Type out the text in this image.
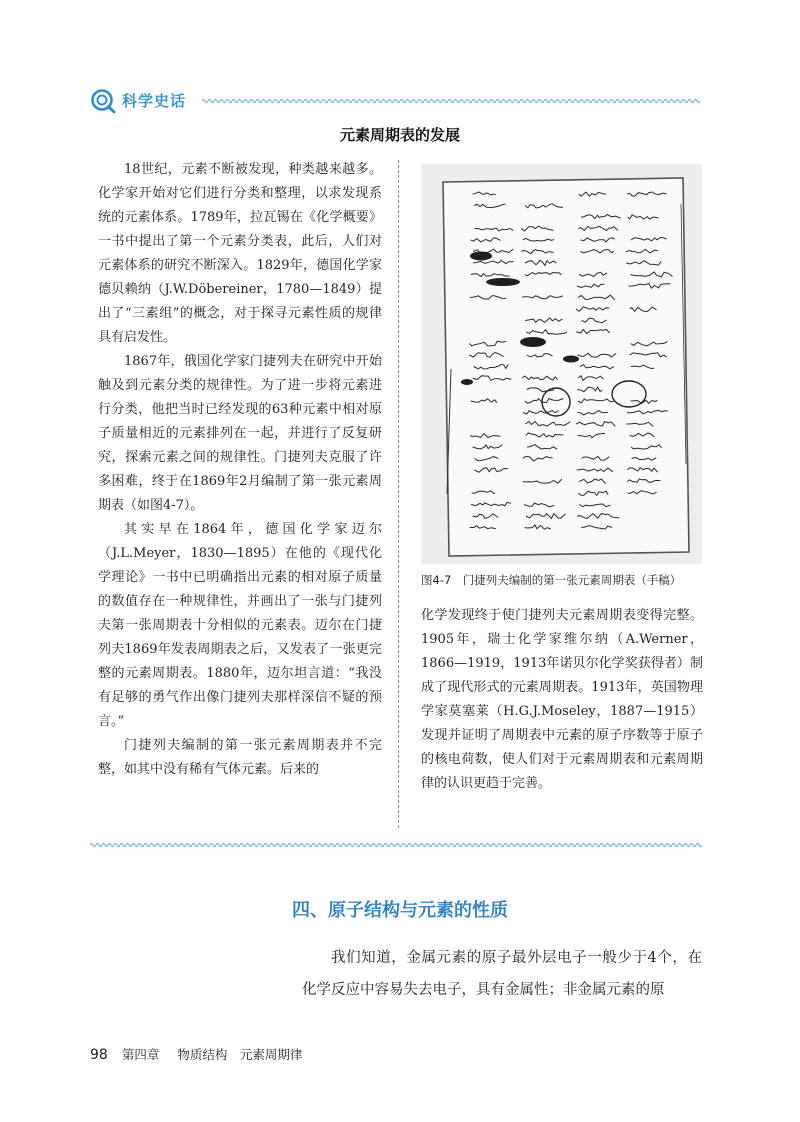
科学史话
元素周期表的发展

18世纪，元素不断被发现，种类越来越多。化学家开始对它们进行分类和整理，以求发现系统的元素体系。1789年，拉瓦锡在《化学概要》一书中提出了第一个元素分类表，此后，人们对元素体系的研究不断深入。1829年，德国化学家德贝赖纳（J.W.Döbereiner，1780—1849）提出了“三素组”的概念，对于探寻元素性质的规律具有启发性。

1867年，俄国化学家门捷列夫在研究中开始触及到元素分类的规律性。为了进一步将元素进行分类，他把当时已经发现的63种元素中相对原子质量相近的元素排列在一起，并进行了反复研究，探索元素之间的规律性。门捷列夫克服了许多困难，终于在1869年2月编制了第一张元素周期表（如图4-7）。

其实早在1864年，德国化学家迈尔（J.L.Meyer，1830—1895）在他的《现代化学理论》一书中已明确指出元素的相对原子质量的数值存在一种规律性，并画出了一张与门捷列夫第一张周期表十分相似的元素表。迈尔在门捷列夫1869年发表周期表之后，又发表了一张更完整的元素周期表。1880年，迈尔坦言道：“我没有足够的勇气作出像门捷列夫那样深信不疑的预言。”

门捷列夫编制的第一张元素周期表并不完整，如其中没有稀有气体元素。后来的

图4-7　门捷列夫编制的第一张元素周期表（手稿）

化学发现终于使门捷列夫元素周期表变得完整。1905年，瑞士化学家维尔纳（A.Werner，1866—1919，1913年诺贝尔化学奖获得者）制成了现代形式的元素周期表。1913年，英国物理学家莫塞莱（H.G.J.Moseley，1887—1915）发现并证明了周期表中元素的原子序数等于原子的核电荷数，使人们对于元素周期表和元素周期律的认识更趋于完善。

四、原子结构与元素的性质

我们知道，金属元素的原子最外层电子一般少于4个，在化学反应中容易失去电子，具有金属性；非金属元素的原

98 第四章 物质结构　元素周期律
